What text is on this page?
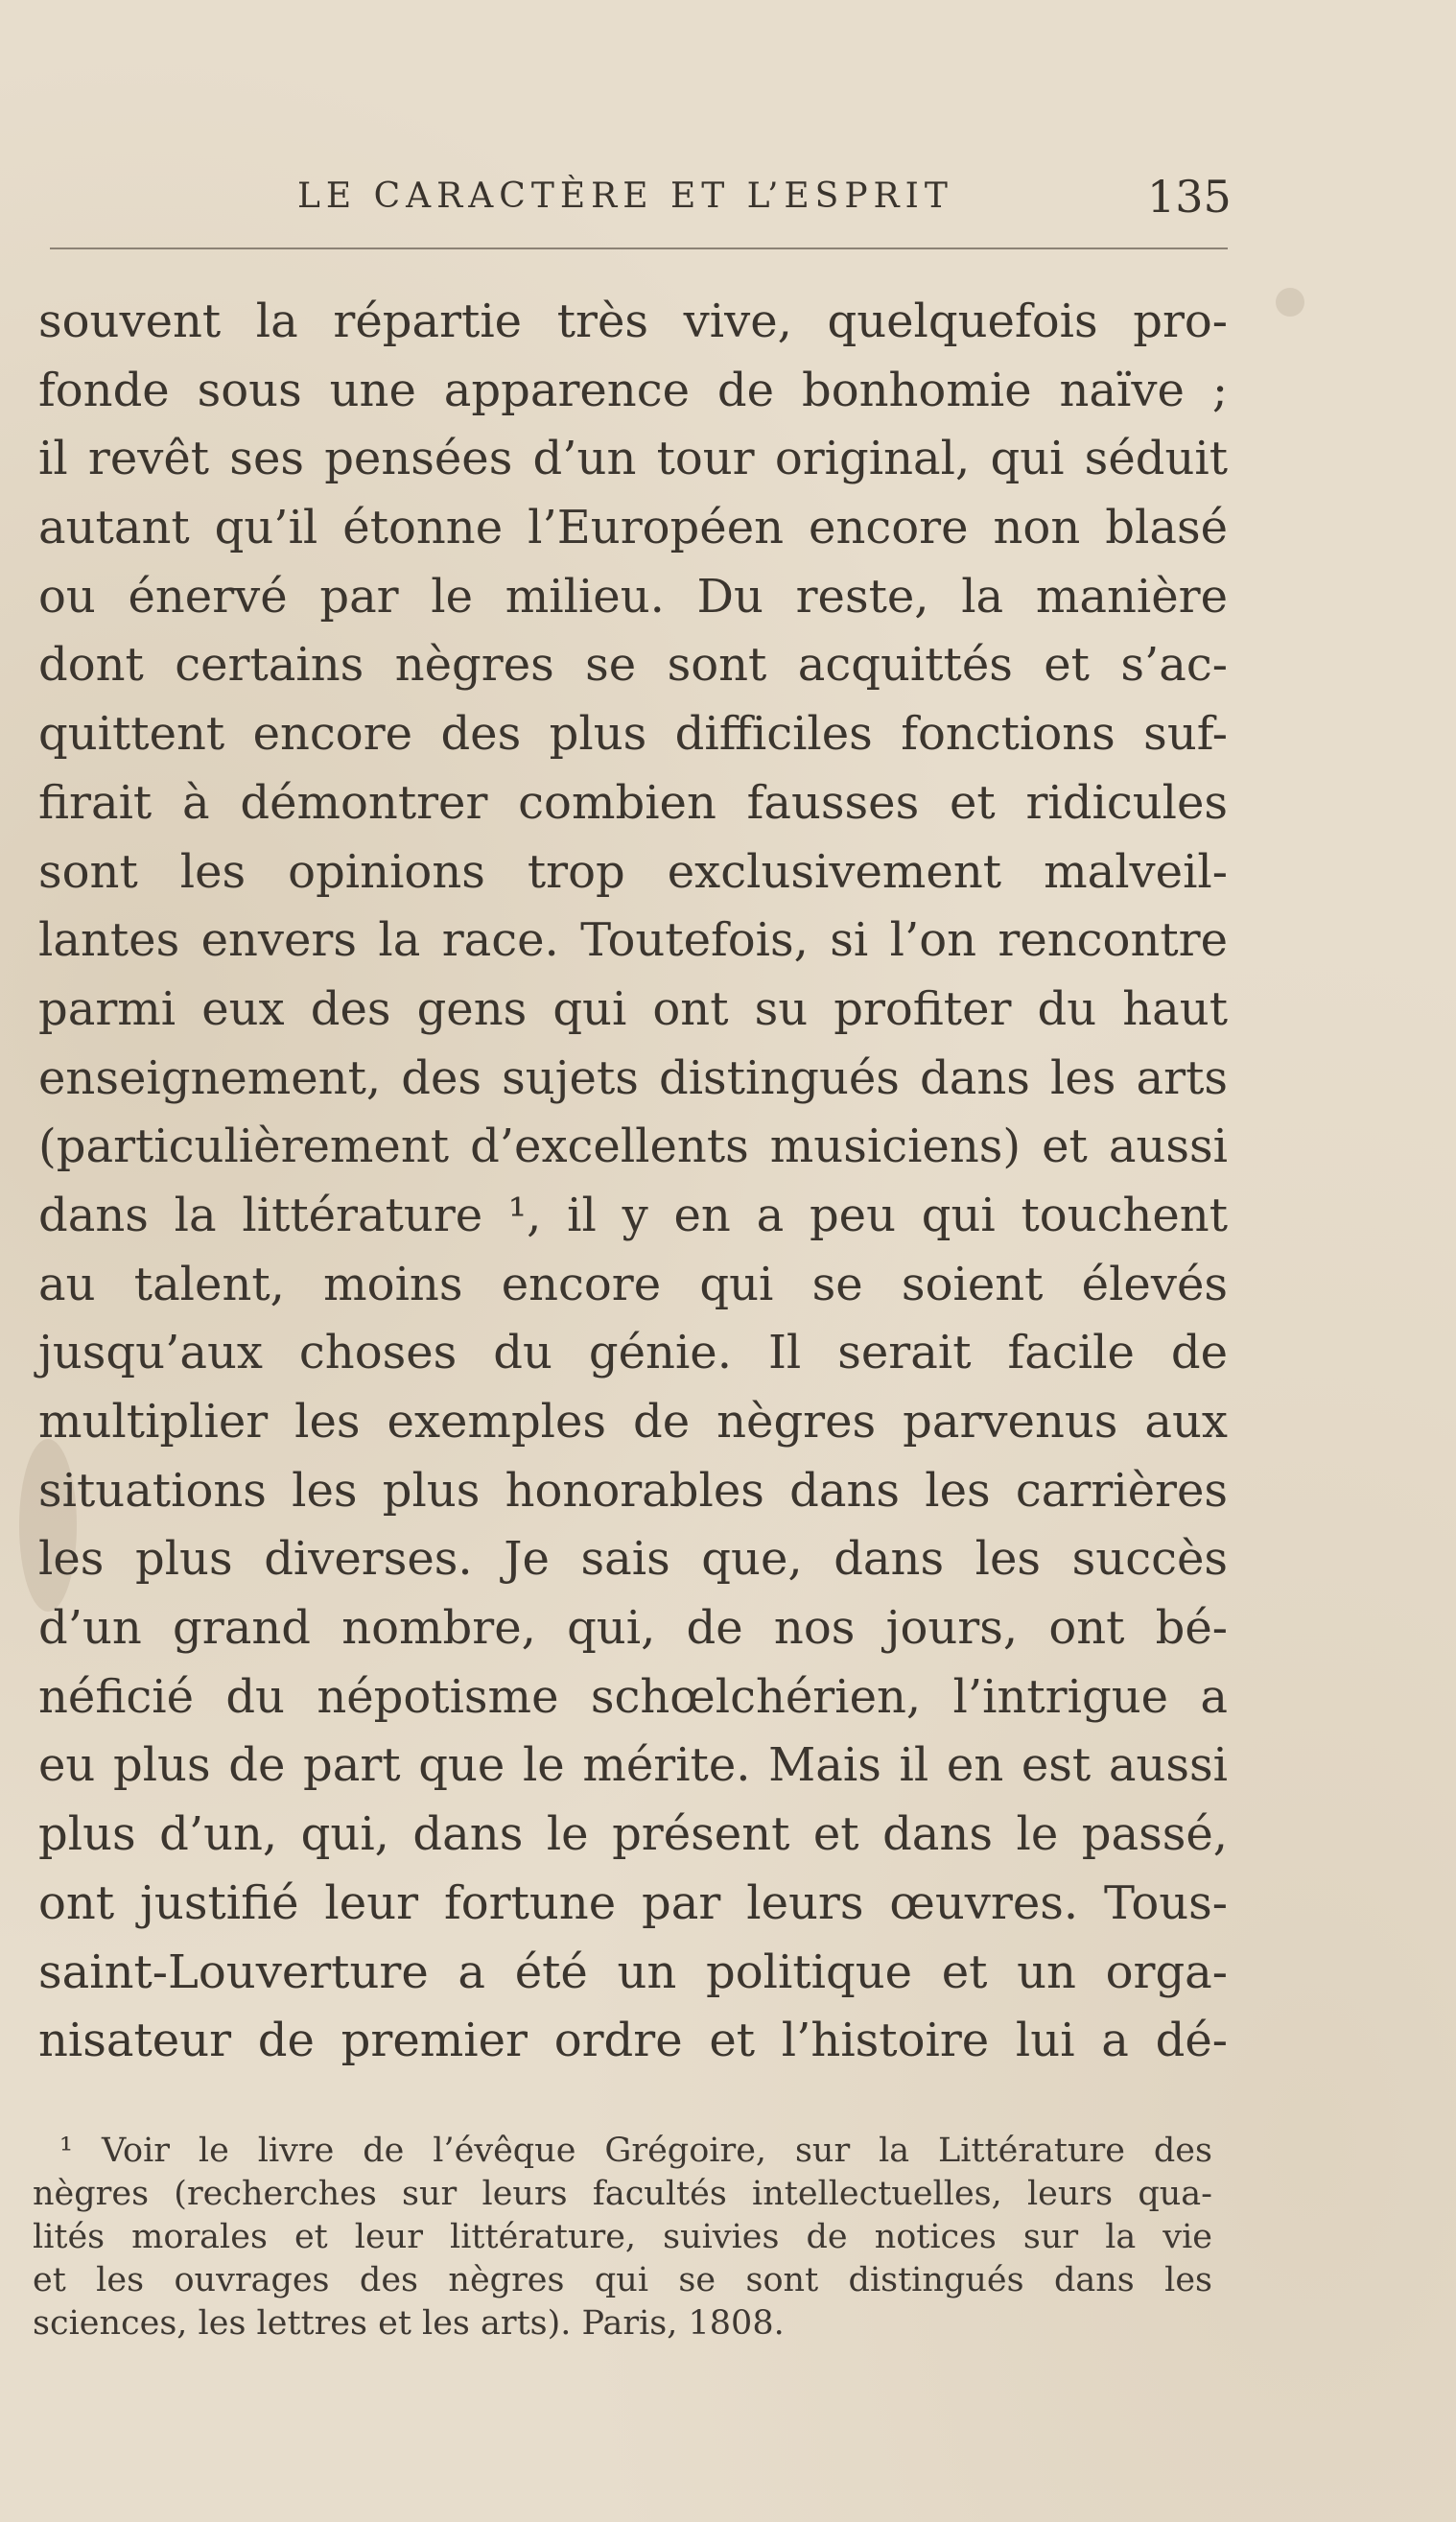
LE CARACTÈRE ET L’ESPRIT	135
souvent la répartie très vive, quelquefois pro-
fonde sous une apparence de bonhomie naïve ;
il revêt ses pensées d’un tour original, qui séduit
autant qu’il étonne l’Européen encore non blasé
ou énervé par le milieu. Du reste, la manière
dont certains nègres se sont acquittés et s’ac-
quittent encore des plus difficiles fonctions suf-
firait à démontrer combien fausses et ridicules
sont les opinions trop exclusivement malveil-
lantes envers la race. Toutefois, si l’on rencontre
parmi eux des gens qui ont su profiter du haut
enseignement, des sujets distingués dans les arts
(particulièrement d’excellents musiciens) et aussi
dans la littérature ¹, il y en a peu qui touchent
au talent, moins encore qui se soient élevés
jusqu’aux choses du génie. Il serait facile de
multiplier les exemples de nègres parvenus aux
situations les plus honorables dans les carrières
les plus diverses. Je sais que, dans les succès
d’un grand nombre, qui, de nos jours, ont bé-
néficié du népotisme schœlchérien, l’intrigue a
eu plus de part que le mérite. Mais il en est aussi
plus d’un, qui, dans le présent et dans le passé,
ont justifié leur fortune par leurs œuvres. Tous-
saint-Louverture a été un politique et un orga-
nisateur de premier ordre et l’histoire lui a dé-
¹ Voir le livre de l’évêque Grégoire, sur la Littérature des
nègres (recherches sur leurs facultés intellectuelles, leurs qua-
lités morales et leur littérature, suivies de notices sur la vie
et les ouvrages des nègres qui se sont distingués dans les
sciences, les lettres et les arts). Paris, 1808.
